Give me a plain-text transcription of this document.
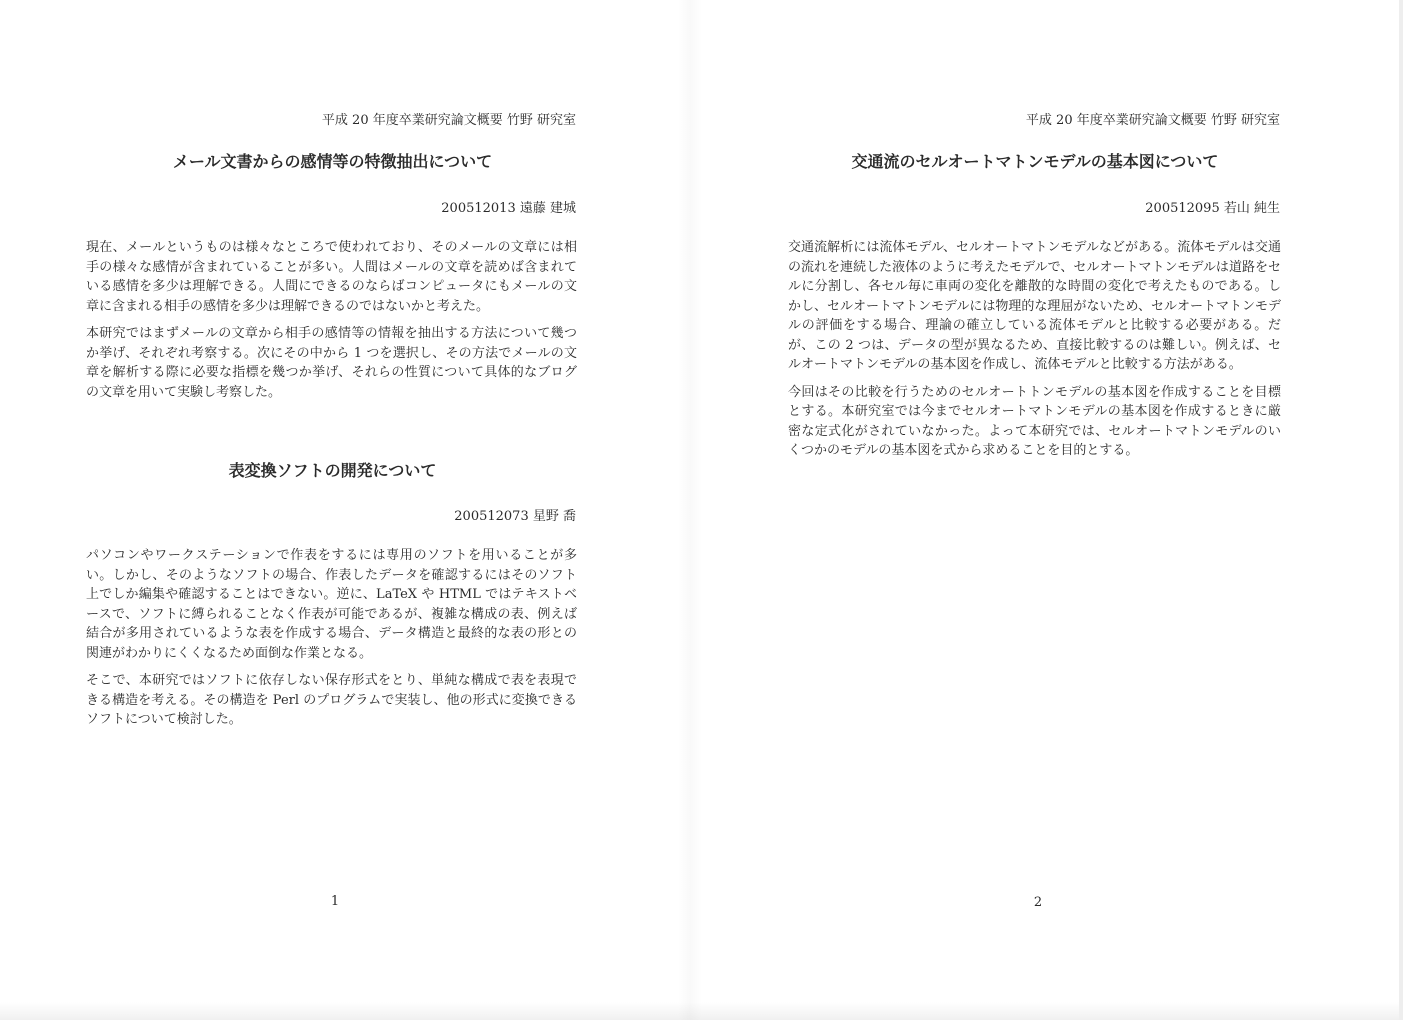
平成 20 年度卒業研究論文概要 竹野 研究室
メール文書からの感情等の特徴抽出について
200512013 遠藤 建城

現在、メールというものは様々なところで使われており、そのメールの文章には相手の様々な感情が含まれていることが多い。人間はメールの文章を読めば含まれている感情を多少は理解できる。人間にできるのならばコンピュータにもメールの文章に含まれる相手の感情を多少は理解できるのではないかと考えた。

本研究ではまずメールの文章から相手の感情等の情報を抽出する方法について幾つか挙げ、それぞれ考察する。次にその中から 1 つを選択し、その方法でメールの文章を解析する際に必要な指標を幾つか挙げ、それらの性質について具体的なブログの文章を用いて実験し考察した。

表変換ソフトの開発について
200512073 星野 喬

パソコンやワークステーションで作表をするには専用のソフトを用いることが多い。しかし、そのようなソフトの場合、作表したデータを確認するにはそのソフト上でしか編集や確認することはできない。逆に、LaTeX や HTML ではテキストベースで、ソフトに縛られることなく作表が可能であるが、複雑な構成の表、例えば結合が多用されているような表を作成する場合、データ構造と最終的な表の形との関連がわかりにくくなるため面倒な作業となる。

そこで、本研究ではソフトに依存しない保存形式をとり、単純な構成で表を表現できる構造を考える。その構造を Perl のプログラムで実装し、他の形式に変換できるソフトについて検討した。

1
平成 20 年度卒業研究論文概要 竹野 研究室
交通流のセルオートマトンモデルの基本図について
200512095 若山 純生

交通流解析には流体モデル、セルオートマトンモデルなどがある。流体モデルは交通の流れを連続した液体のように考えたモデルで、セルオートマトンモデルは道路をセルに分割し、各セル毎に車両の変化を離散的な時間の変化で考えたものである。しかし、セルオートマトンモデルには物理的な理屈がないため、セルオートマトンモデルの評価をする場合、理論の確立している流体モデルと比較する必要がある。だが、この 2 つは、データの型が異なるため、直接比較するのは難しい。例えば、セルオートマトンモデルの基本図を作成し、流体モデルと比較する方法がある。

今回はその比較を行うためのセルオートトンモデルの基本図を作成することを目標とする。本研究室では今までセルオートマトンモデルの基本図を作成するときに厳密な定式化がされていなかった。よって本研究では、セルオートマトンモデルのいくつかのモデルの基本図を式から求めることを目的とする。

2
